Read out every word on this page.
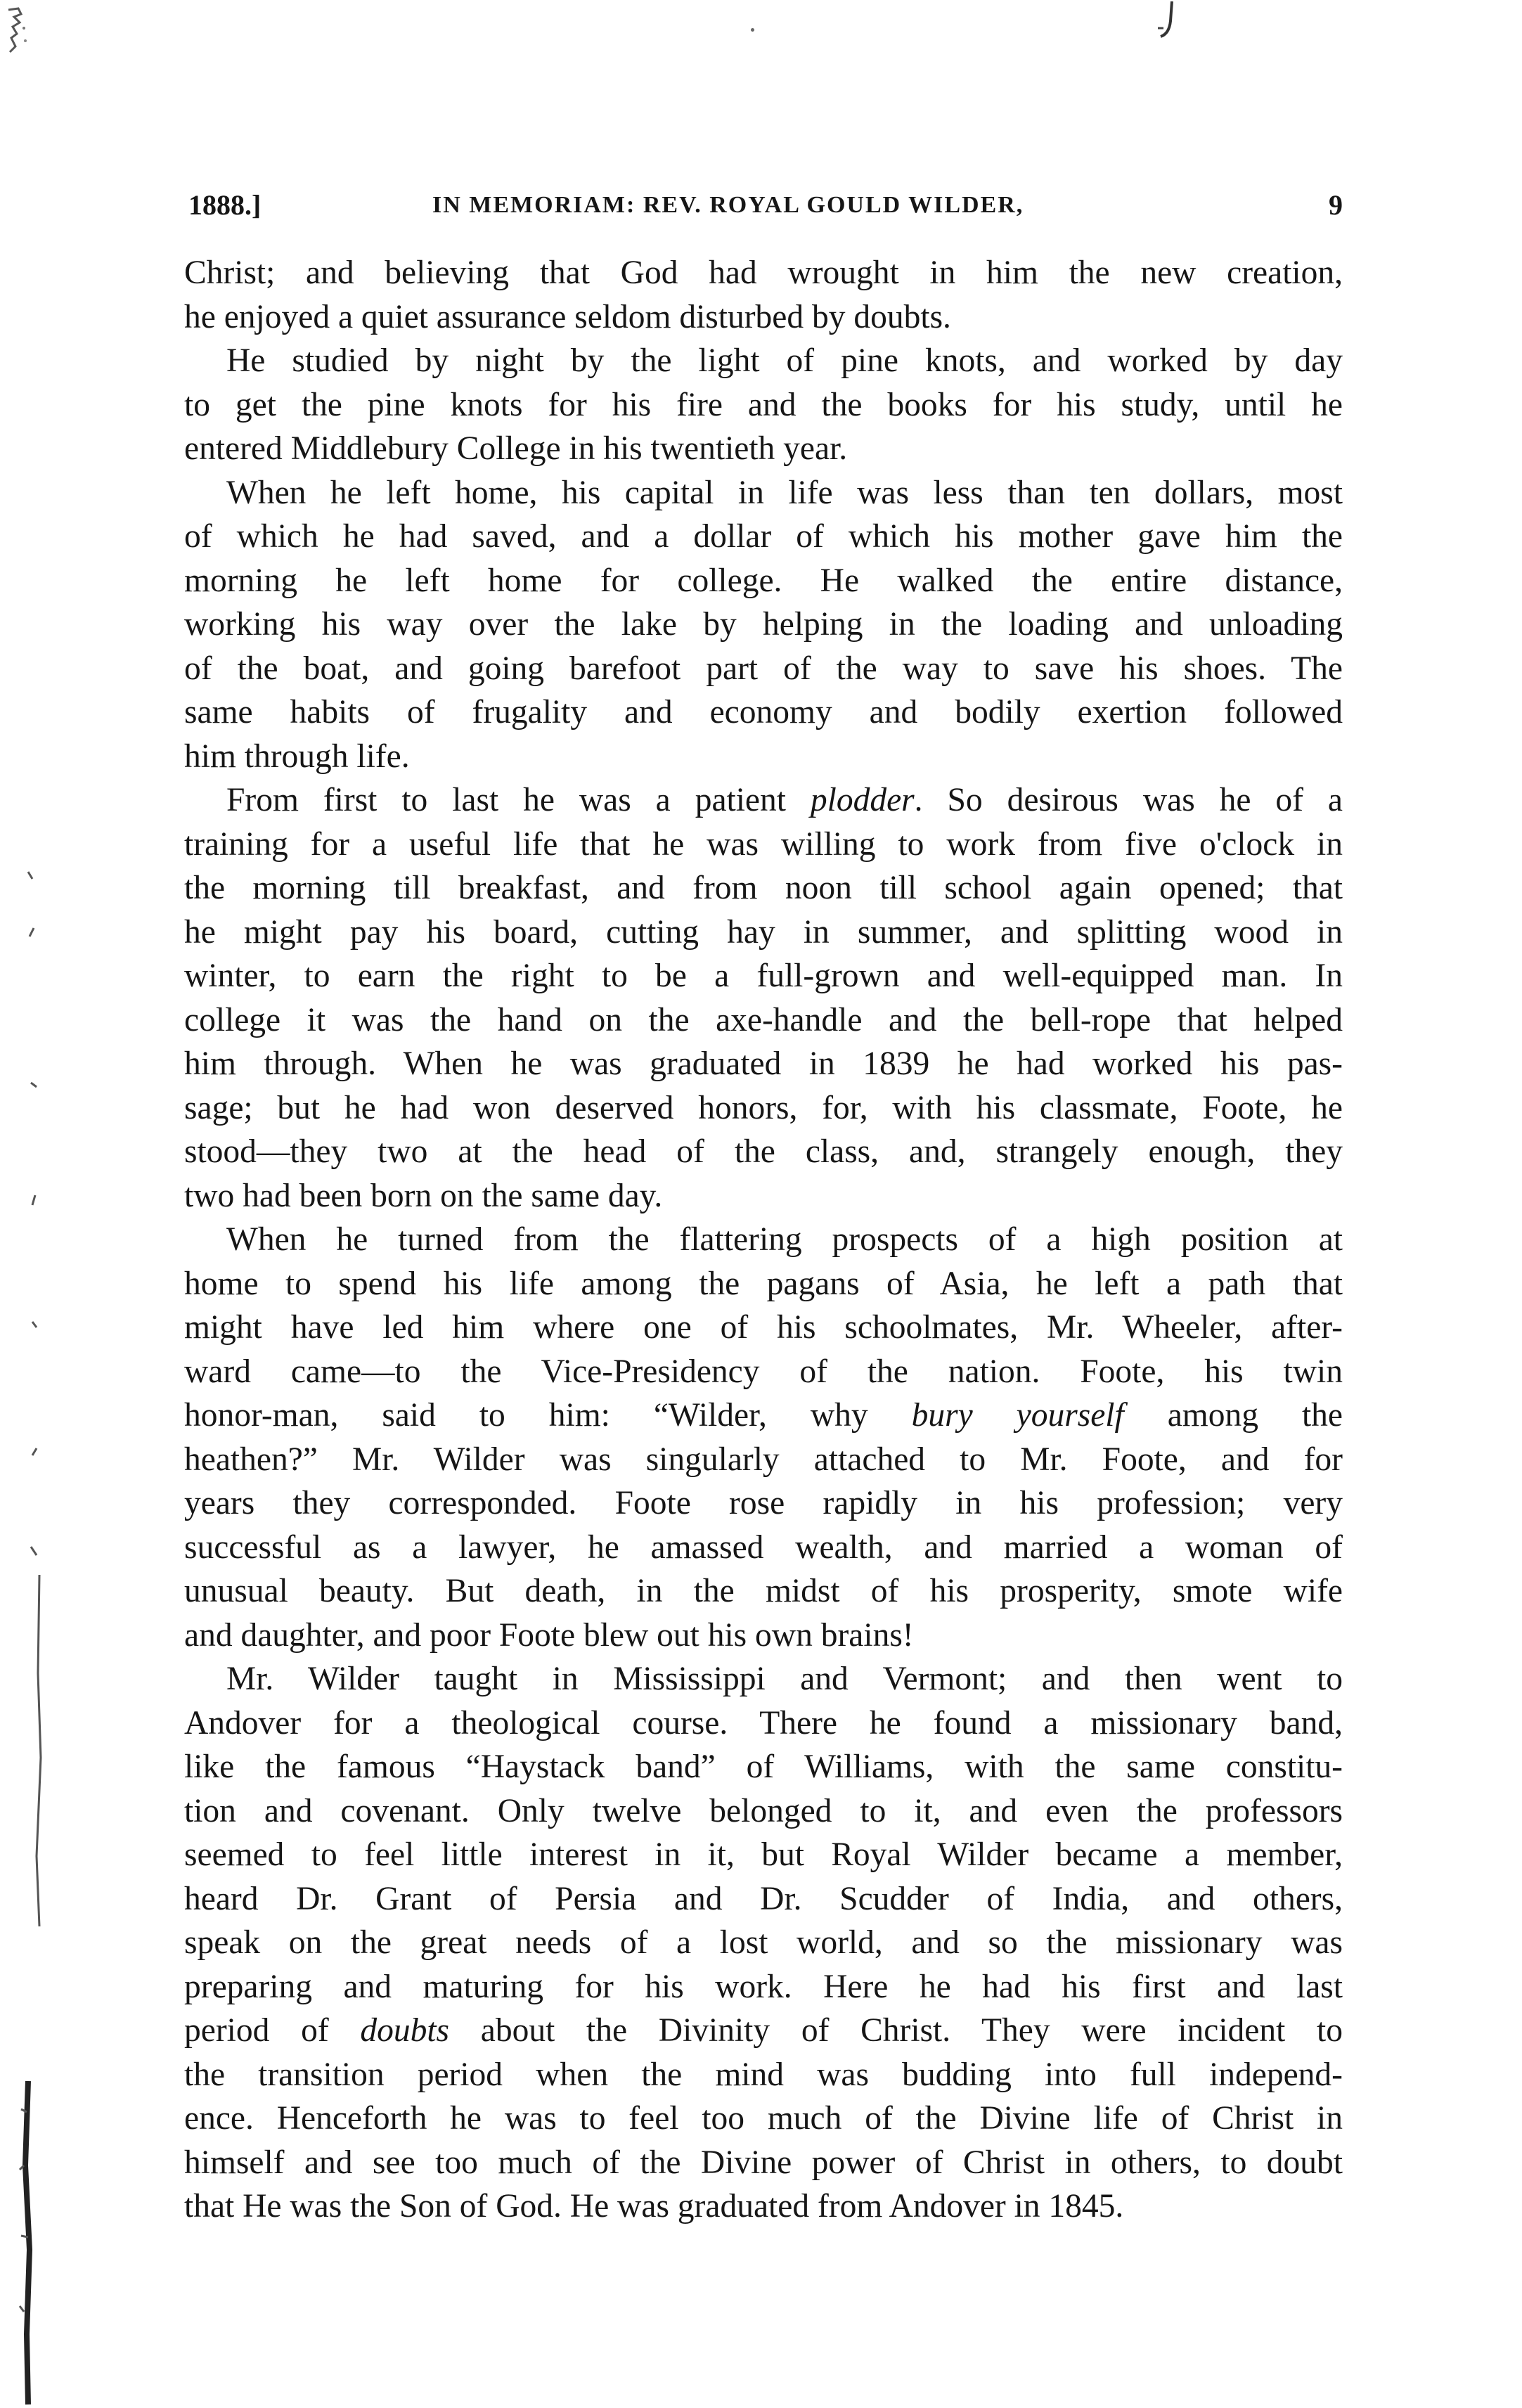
1888.]	IN MEMORIAM: REV. ROYAL GOULD WILDER,	9

Christ; and believing that God had wrought in him the new creation,
he enjoyed a quiet assurance seldom disturbed by doubts.

He studied by night by the light of pine knots, and worked by day
to get the pine knots for his fire and the books for his study, until he
entered Middlebury College in his twentieth year.

When he left home, his capital in life was less than ten dollars, most
of which he had saved, and a dollar of which his mother gave him the
morning he left home for college. He walked the entire distance,
working his way over the lake by helping in the loading and unloading
of the boat, and going barefoot part of the way to save his shoes. The
same habits of frugality and economy and bodily exertion followed
him through life.

From first to last he was a patient plodder. So desirous was he of a
training for a useful life that he was willing to work from five o'clock in
the morning till breakfast, and from noon till school again opened; that
he might pay his board, cutting hay in summer, and splitting wood in
winter, to earn the right to be a full-grown and well-equipped man. In
college it was the hand on the axe-handle and the bell-rope that helped
him through. When he was graduated in 1839 he had worked his pas-
sage; but he had won deserved honors, for, with his classmate, Foote, he
stood—they two at the head of the class, and, strangely enough, they
two had been born on the same day.

When he turned from the flattering prospects of a high position at
home to spend his life among the pagans of Asia, he left a path that
might have led him where one of his schoolmates, Mr. Wheeler, after-
ward came—to the Vice-Presidency of the nation. Foote, his twin
honor-man, said to him: “Wilder, why bury yourself among the
heathen?” Mr. Wilder was singularly attached to Mr. Foote, and for
years they corresponded. Foote rose rapidly in his profession; very
successful as a lawyer, he amassed wealth, and married a woman of
unusual beauty. But death, in the midst of his prosperity, smote wife
and daughter, and poor Foote blew out his own brains!

Mr. Wilder taught in Mississippi and Vermont; and then went to
Andover for a theological course. There he found a missionary band,
like the famous “Haystack band” of Williams, with the same constitu-
tion and covenant. Only twelve belonged to it, and even the professors
seemed to feel little interest in it, but Royal Wilder became a member,
heard Dr. Grant of Persia and Dr. Scudder of India, and others,
speak on the great needs of a lost world, and so the missionary was
preparing and maturing for his work. Here he had his first and last
period of doubts about the Divinity of Christ. They were incident to
the transition period when the mind was budding into full independ-
ence. Henceforth he was to feel too much of the Divine life of Christ in
himself and see too much of the Divine power of Christ in others, to doubt
that He was the Son of God. He was graduated from Andover in 1845.
